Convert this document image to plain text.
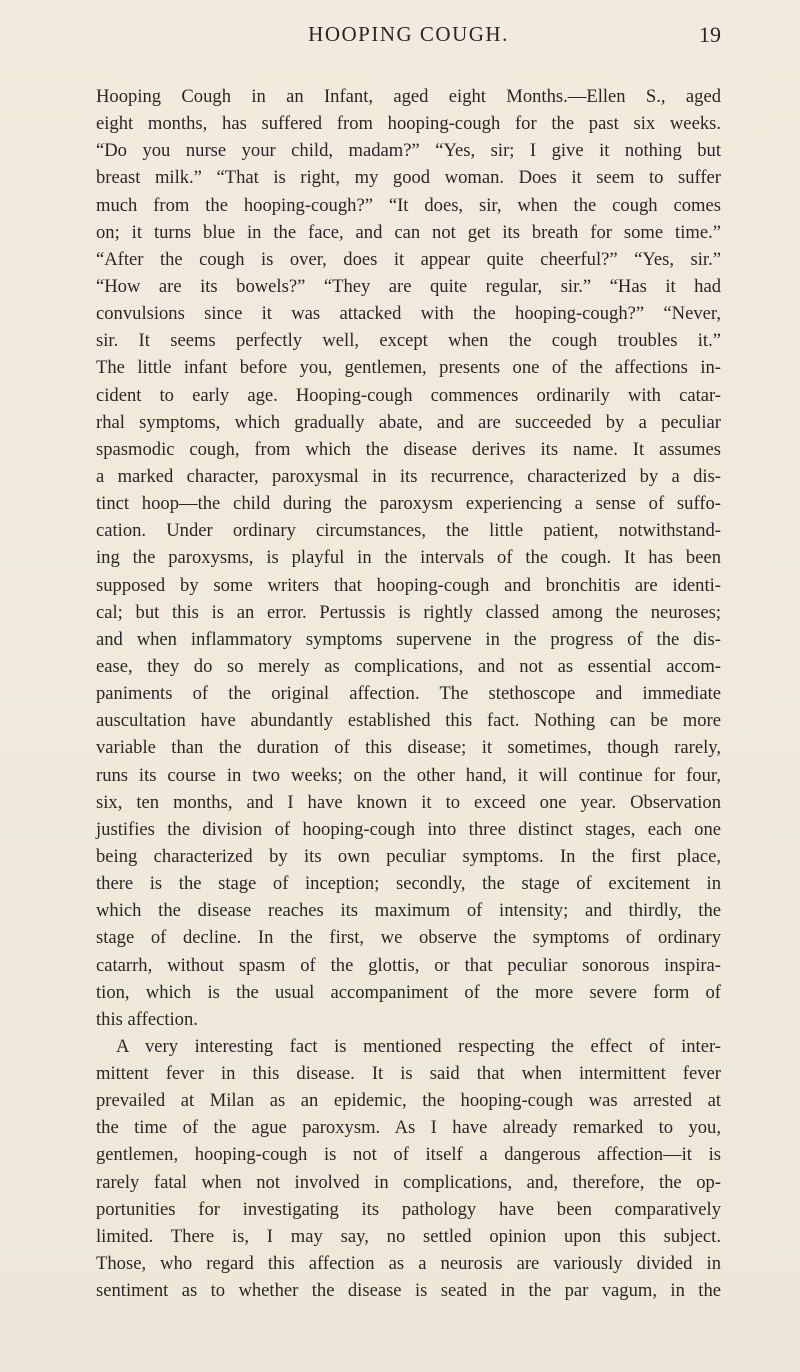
HOOPING COUGH.	19
Hooping Cough in an Infant, aged eight Months.—Ellen S., aged
eight months, has suffered from hooping-cough for the past six weeks.
“Do you nurse your child, madam?” “Yes, sir; I give it nothing but
breast milk.” “That is right, my good woman. Does it seem to suffer
much from the hooping-cough?” “It does, sir, when the cough comes
on; it turns blue in the face, and can not get its breath for some time.”
“After the cough is over, does it appear quite cheerful?” “Yes, sir.”
“How are its bowels?” “They are quite regular, sir.” “Has it had
convulsions since it was attacked with the hooping-cough?” “Never,
sir. It seems perfectly well, except when the cough troubles it.”
The little infant before you, gentlemen, presents one of the affections in-
cident to early age. Hooping-cough commences ordinarily with catar-
rhal symptoms, which gradually abate, and are succeeded by a peculiar
spasmodic cough, from which the disease derives its name. It assumes
a marked character, paroxysmal in its recurrence, characterized by a dis-
tinct hoop—the child during the paroxysm experiencing a sense of suffo-
cation. Under ordinary circumstances, the little patient, notwithstand-
ing the paroxysms, is playful in the intervals of the cough. It has been
supposed by some writers that hooping-cough and bronchitis are identi-
cal; but this is an error. Pertussis is rightly classed among the neuroses;
and when inflammatory symptoms supervene in the progress of the dis-
ease, they do so merely as complications, and not as essential accom-
paniments of the original affection. The stethoscope and immediate
auscultation have abundantly established this fact. Nothing can be more
variable than the duration of this disease; it sometimes, though rarely,
runs its course in two weeks; on the other hand, it will continue for four,
six, ten months, and I have known it to exceed one year. Observation
justifies the division of hooping-cough into three distinct stages, each one
being characterized by its own peculiar symptoms. In the first place,
there is the stage of inception; secondly, the stage of excitement in
which the disease reaches its maximum of intensity; and thirdly, the
stage of decline. In the first, we observe the symptoms of ordinary
catarrh, without spasm of the glottis, or that peculiar sonorous inspira-
tion, which is the usual accompaniment of the more severe form of
this affection.
A very interesting fact is mentioned respecting the effect of inter-
mittent fever in this disease. It is said that when intermittent fever
prevailed at Milan as an epidemic, the hooping-cough was arrested at
the time of the ague paroxysm. As I have already remarked to you,
gentlemen, hooping-cough is not of itself a dangerous affection—it is
rarely fatal when not involved in complications, and, therefore, the op-
portunities for investigating its pathology have been comparatively
limited. There is, I may say, no settled opinion upon this subject.
Those, who regard this affection as a neurosis are variously divided in
sentiment as to whether the disease is seated in the par vagum, in the
